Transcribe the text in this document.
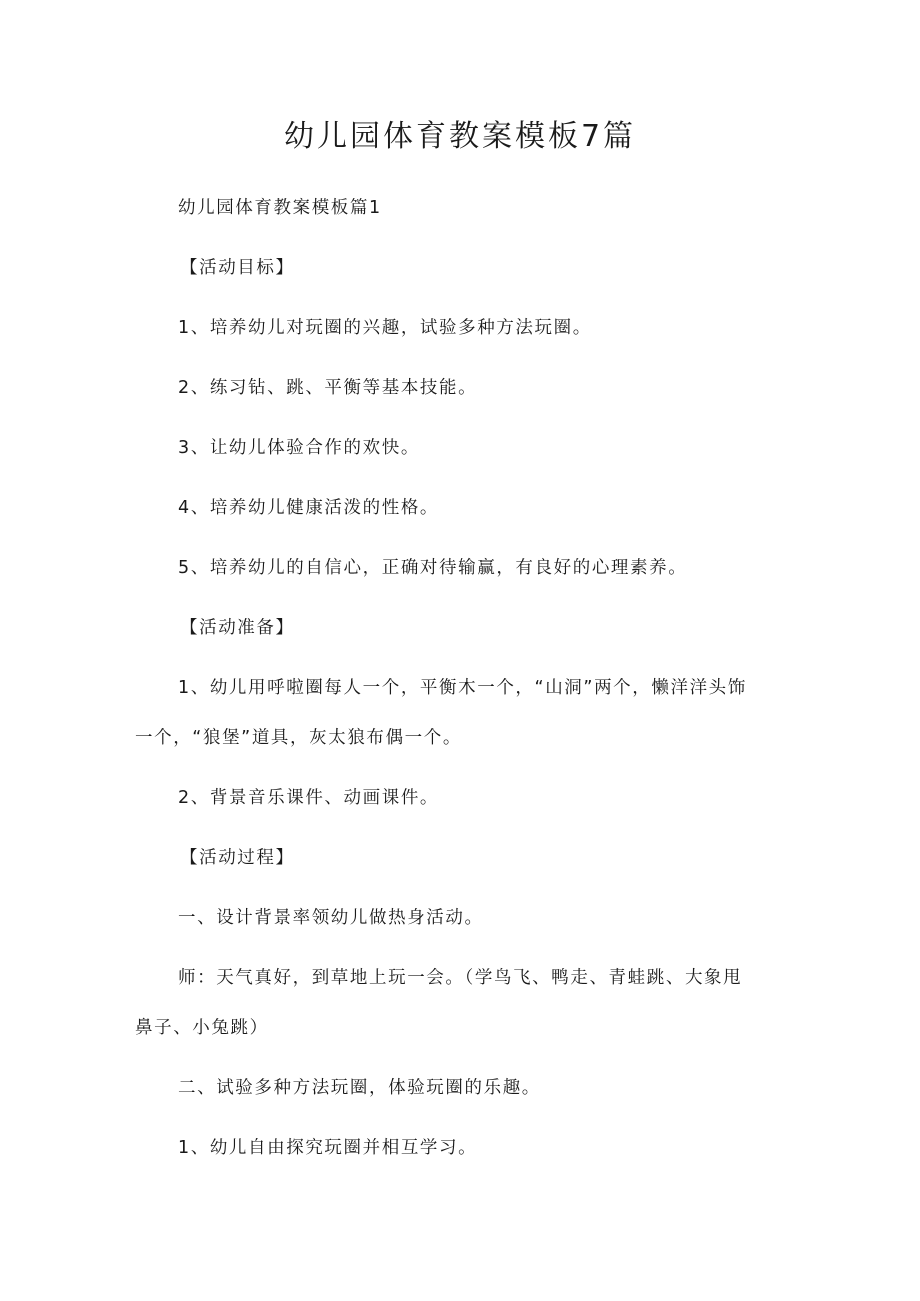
幼儿园体育教案模板7篇
幼儿园体育教案模板篇1
【活动目标】
1、培养幼儿对玩圈的兴趣，试验多种方法玩圈。
2、练习钻、跳、平衡等基本技能。
3、让幼儿体验合作的欢快。
4、培养幼儿健康活泼的性格。
5、培养幼儿的自信心，正确对待输赢，有良好的心理素养。
【活动准备】
1、幼儿用呼啦圈每人一个，平衡木一个，“山洞”两个，懒洋洋头饰
一个，“狼堡”道具，灰太狼布偶一个。
2、背景音乐课件、动画课件。
【活动过程】
一、设计背景率领幼儿做热身活动。
师：天气真好，到草地上玩一会。（学鸟飞、鸭走、青蛙跳、大象甩
鼻子、小兔跳）
二、试验多种方法玩圈，体验玩圈的乐趣。
1、幼儿自由探究玩圈并相互学习。
